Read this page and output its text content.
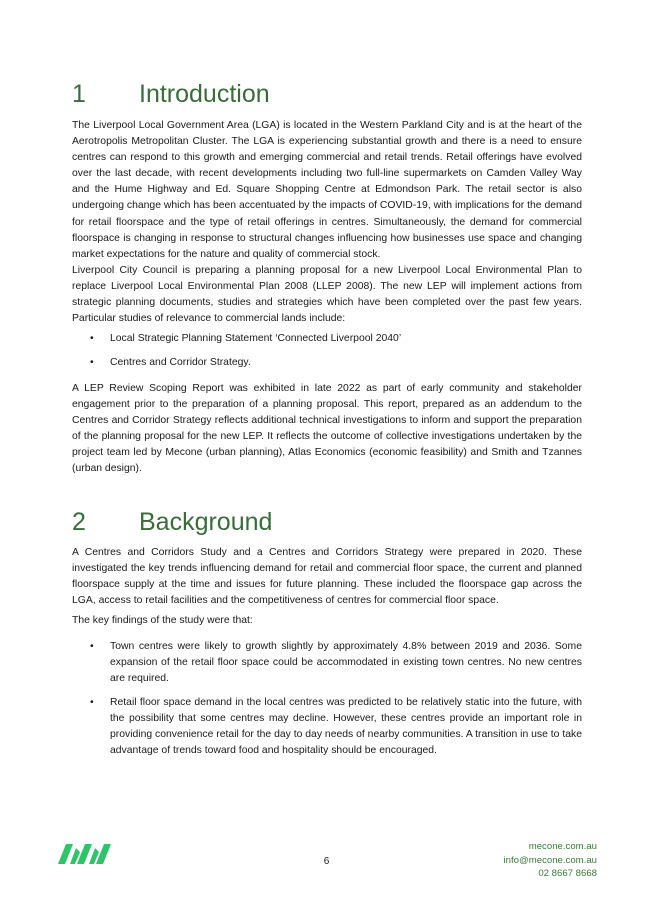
1 Introduction

The Liverpool Local Government Area (LGA) is located in the Western Parkland City and is at the heart of the Aerotropolis Metropolitan Cluster. The LGA is experiencing substantial growth and there is a need to ensure centres can respond to this growth and emerging commercial and retail trends. Retail offerings have evolved over the last decade, with recent developments including two full-line supermarkets on Camden Valley Way and the Hume Highway and Ed. Square Shopping Centre at Edmondson Park. The retail sector is also undergoing change which has been accentuated by the impacts of COVID-19, with implications for the demand for retail floorspace and the type of retail offerings in centres. Simultaneously, the demand for commercial floorspace is changing in response to structural changes influencing how businesses use space and changing market expectations for the nature and quality of commercial stock.

Liverpool City Council is preparing a planning proposal for a new Liverpool Local Environmental Plan to replace Liverpool Local Environmental Plan 2008 (LLEP 2008). The new LEP will implement actions from strategic planning documents, studies and strategies which have been completed over the past few years. Particular studies of relevance to commercial lands include:

• Local Strategic Planning Statement ‘Connected Liverpool 2040’
• Centres and Corridor Strategy.

A LEP Review Scoping Report was exhibited in late 2022 as part of early community and stakeholder engagement prior to the preparation of a planning proposal. This report, prepared as an addendum to the Centres and Corridor Strategy reflects additional technical investigations to inform and support the preparation of the planning proposal for the new LEP. It reflects the outcome of collective investigations undertaken by the project team led by Mecone (urban planning), Atlas Economics (economic feasibility) and Smith and Tzannes (urban design).

2 Background

A Centres and Corridors Study and a Centres and Corridors Strategy were prepared in 2020. These investigated the key trends influencing demand for retail and commercial floor space, the current and planned floorspace supply at the time and issues for future planning. These included the floorspace gap across the LGA, access to retail facilities and the competitiveness of centres for commercial floor space.

The key findings of the study were that:

• Town centres were likely to growth slightly by approximately 4.8% between 2019 and 2036. Some expansion of the retail floor space could be accommodated in existing town centres. No new centres are required.
• Retail floor space demand in the local centres was predicted to be relatively static into the future, with the possibility that some centres may decline. However, these centres provide an important role in providing convenience retail for the day to day needs of nearby communities. A transition in use to take advantage of trends toward food and hospitality should be encouraged.
6
mecone.com.au
info@mecone.com.au
02 8667 8668
